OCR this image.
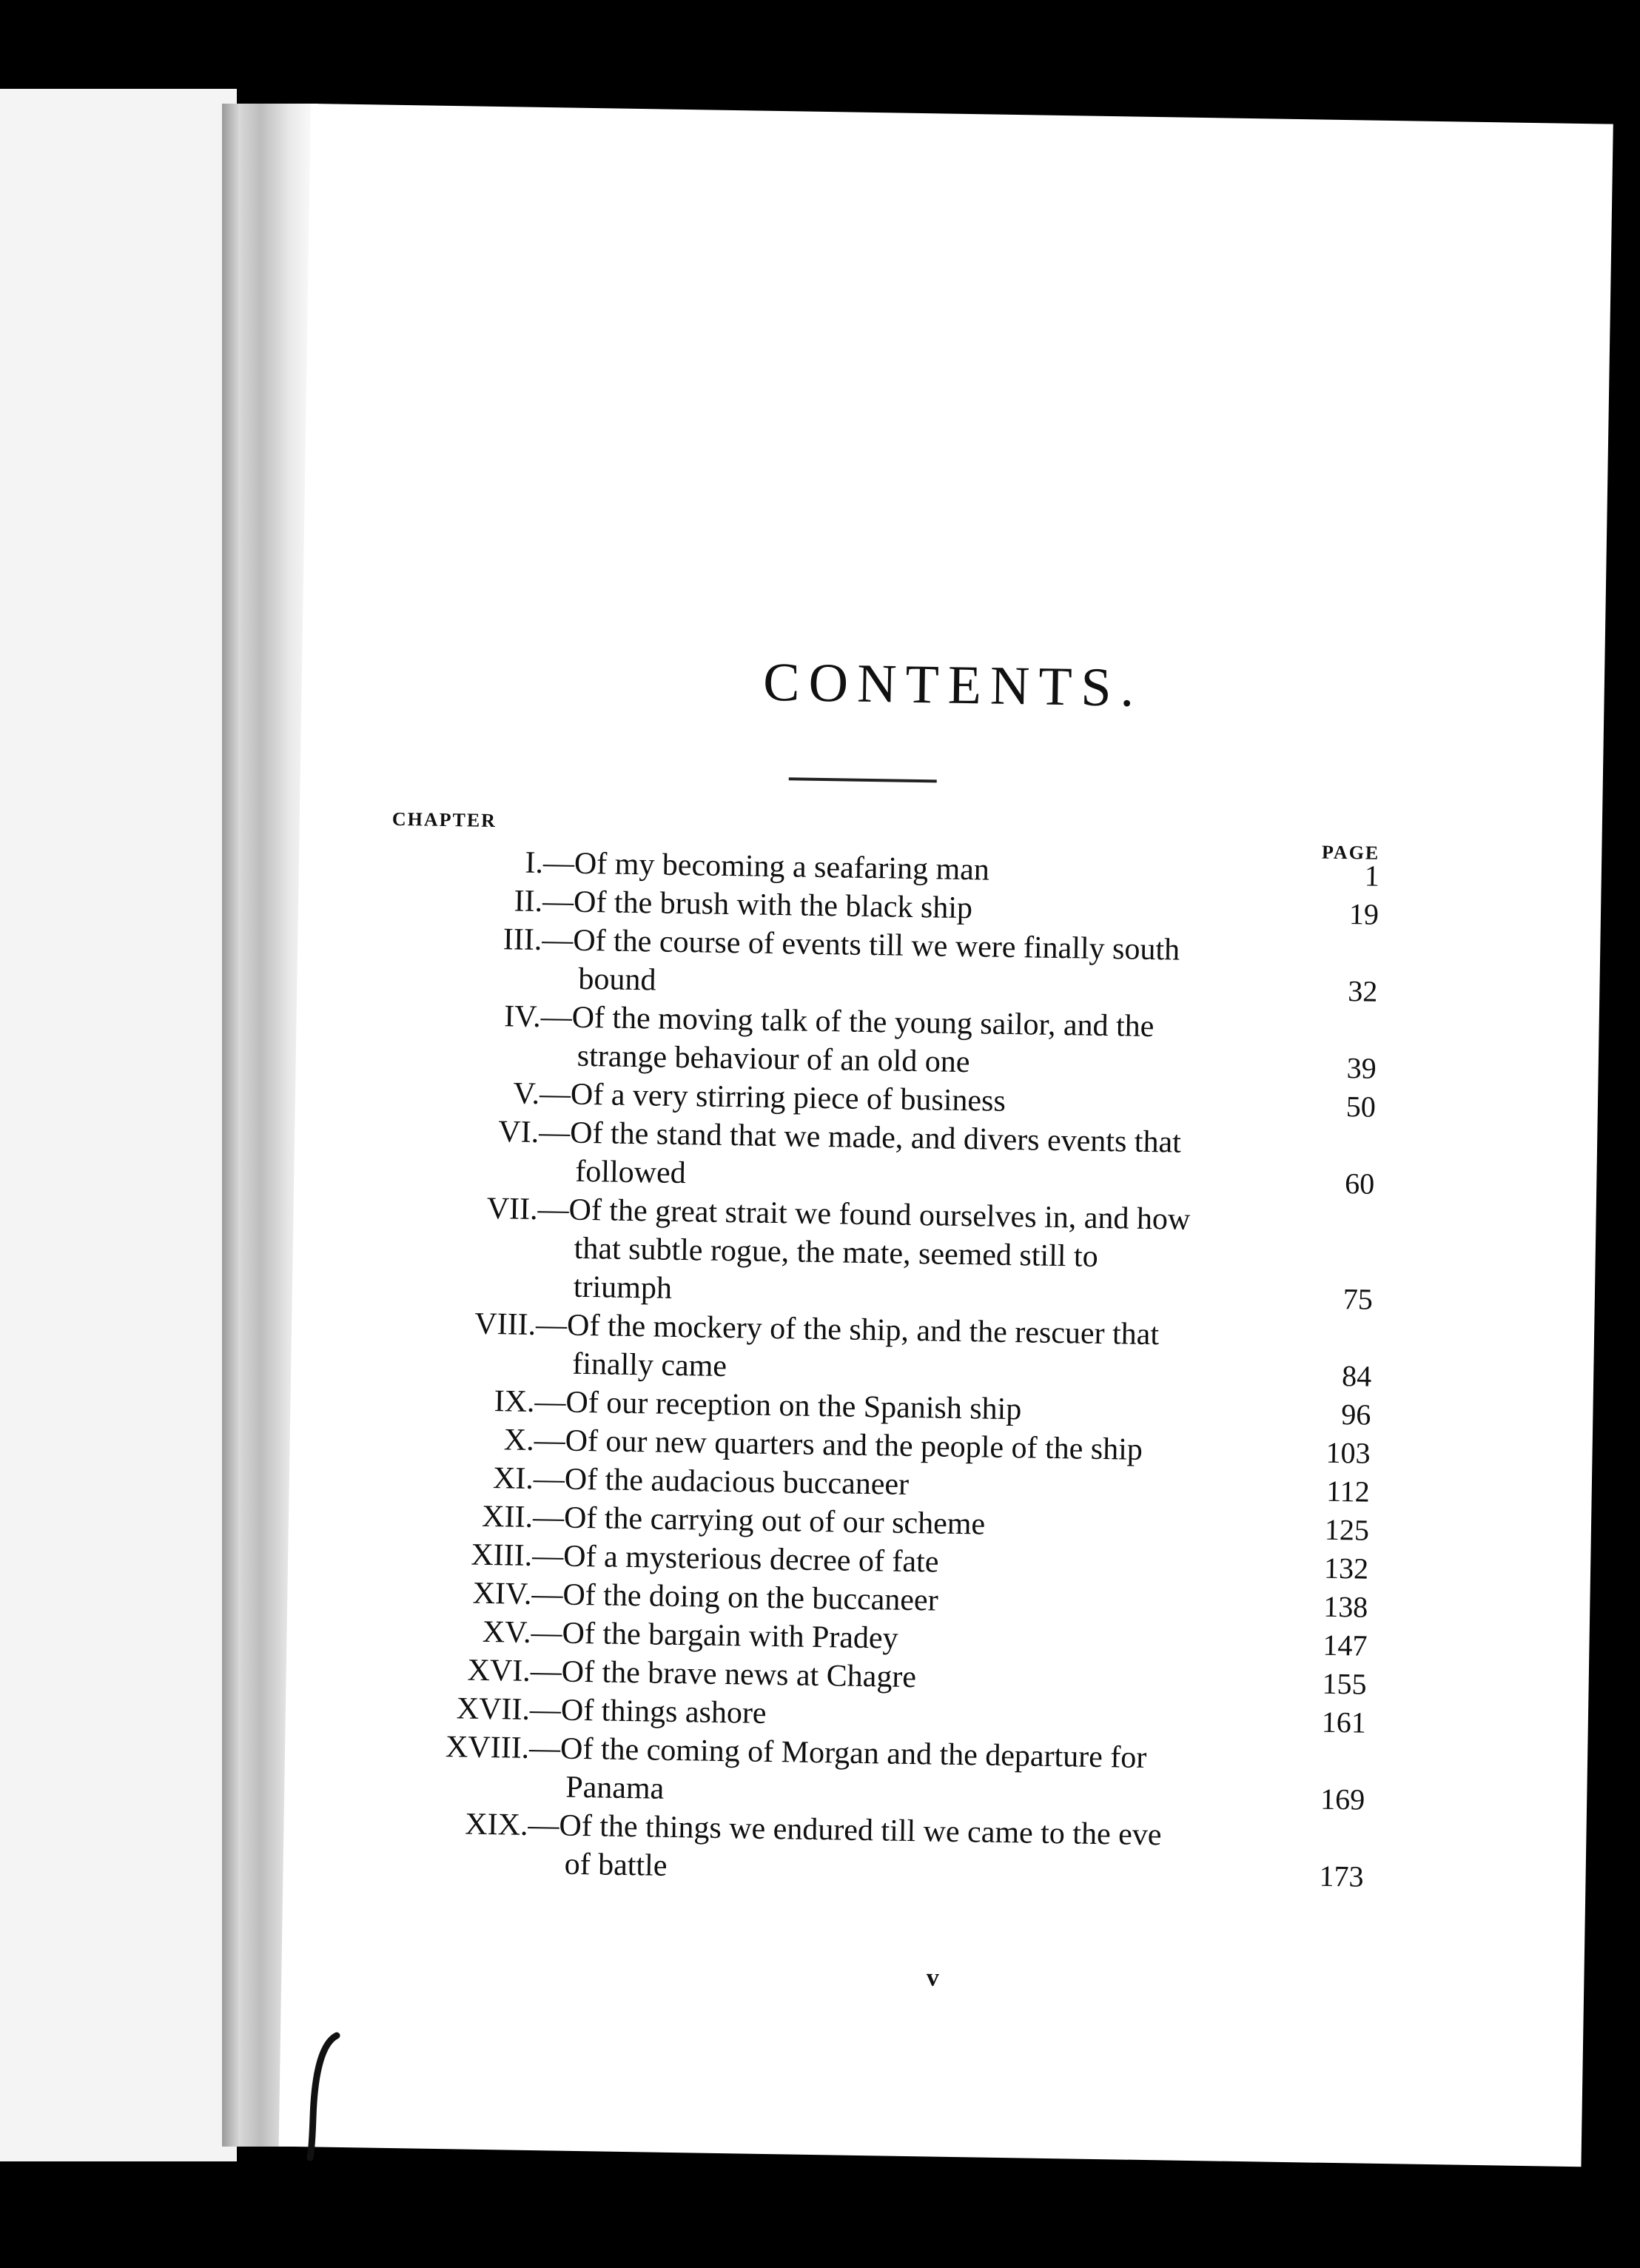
CONTENTS.
CHAPTER
PAGE
I. —Of my becoming a seafaring man	1
II. —Of the brush with the black ship	19
III. —Of the course of events till we were finally south
bound	32
IV. —Of the moving talk of the young sailor, and the
strange behaviour of an old one	39
V. —Of a very stirring piece of business	50
VI. —Of the stand that we made, and divers events that
followed	60
VII. —Of the great strait we found ourselves in, and how
that subtle rogue, the mate, seemed still to
triumph	75
VIII. —Of the mockery of the ship, and the rescuer that
finally came	84
IX. —Of our reception on the Spanish ship	96
X. —Of our new quarters and the people of the ship	103
XI. —Of the audacious buccaneer	112
XII. —Of the carrying out of our scheme	125
XIII. —Of a mysterious decree of fate	132
XIV. —Of the doing on the buccaneer	138
XV. —Of the bargain with Pradey	147
XVI. —Of the brave news at Chagre	155
XVII. —Of things ashore	161
XVIII. —Of the coming of Morgan and the departure for
Panama	169
XIX. —Of the things we endured till we came to the eve
of battle	173
v
